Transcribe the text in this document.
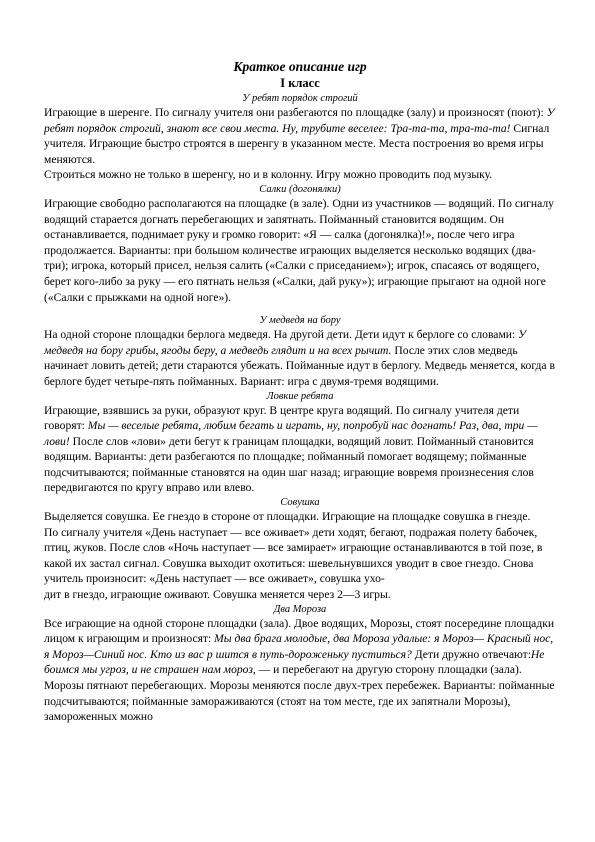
Краткое описание игр
I класс
У ребят порядок строгий

Играющие в шеренге. По сигналу учителя они разбегаются по площадке (залу) и произносят (поют): У ребят порядок строгий, знают все свои места. Ну, трубите веселее: Тра-та-та, тра-та-та! Сигнал учителя. Играющие быстро строятся в шеренгу в указанном месте. Места построения во время игры меняются.

Строиться можно не только в шеренгу, но и в колонну. Игру можно проводить под музыку.

Салки (догонялки)

Играющие свободно располагаются на площадке (в зале). Одни из участников — водящий. По сигналу водящий старается догнать перебегающих и запятнать. Пойманный становится водящим. Он останавливается, поднимает руку и громко говорит: «Я — салка (догонялка)!», после чего игра продолжается. Варианты: при большом количестве играющих выделяется несколько водящих (два-три); игрока, который присел, нельзя салить («Салки с приседанием»); игрок, спасаясь от водящего, берет кого-либо за руку — его пятнать нельзя («Салки, дай руку»); играющие прыгают на одной ноге («Салки с прыжками на одной ноге»).

У медведя на бору

На одной стороне площадки берлога медведя. На другой дети. Дети идут к берлоге со словами: У медведя на бору грибы, ягоды беру, а медведь глядит и на всех рычит. После этих слов медведь начинает ловить детей; дети стараются убежать. Пойманные идут в берлогу. Медведь меняется, когда в берлоге будет четыре-пять пойманных. Вариант: игра с двумя-тремя водящими.

Ловкие ребята

Играющие, взявшись за руки, образуют круг. В центре круга водящий. По сигналу учителя дети говорят: Мы — веселые ребята, любим бегать и играть, ну, попробуй нас догнать! Раз, два, три — лови! После слов «лови» дети бегут к границам площадки, водящий ловит. Пойманный становится водящим. Варианты: дети разбегаются по площадке; пойманный помогает водящему; пойманные подсчитываются; пойманные становятся на один шаг назад; играющие вовремя произнесения слов передвигаются по кругу вправо или влево.

Совушка

Выделяется совушка. Ее гнездо в стороне от площадки. Играющие на площадке совушка в гнезде.

По сигналу учителя «День наступает — все оживает» дети ходят, бегают, подражая полету бабочек, птиц, жуков. После слов «Ночь наступает — все замирает» играющие останавливаются в той позе, в какой их застал сигнал. Совушка выходит охотиться: шевельнувшихся уводит в свое гнездо. Снова учитель произносит: «День наступает — все оживает», совушка ухо-

дит в гнездо, играющие оживают. Совушка меняется через 2—3 игры.

Два Мороза

Все играющие на одной стороне площадки (зала). Двое водящих, Морозы, стоят посередине площадки лицом к играющим и произносят: Мы два брага молодые, два Мороза удалые: я Мороз— Красный нос, я Мороз—Синий нос. Кто из вас р шится в путь-дороженьку пуститься? Дети дружно отвечают:Не боимся мы угроз, и не страшен нам мороз, — и перебегают на другую сторону площадки (зала). Морозы пятнают перебегающих. Морозы меняются после двух-трех перебежек. Варианты: пойманные подсчитываются; пойманные замораживаются (стоят на том месте, где их запятнали Морозы), замороженных можно
